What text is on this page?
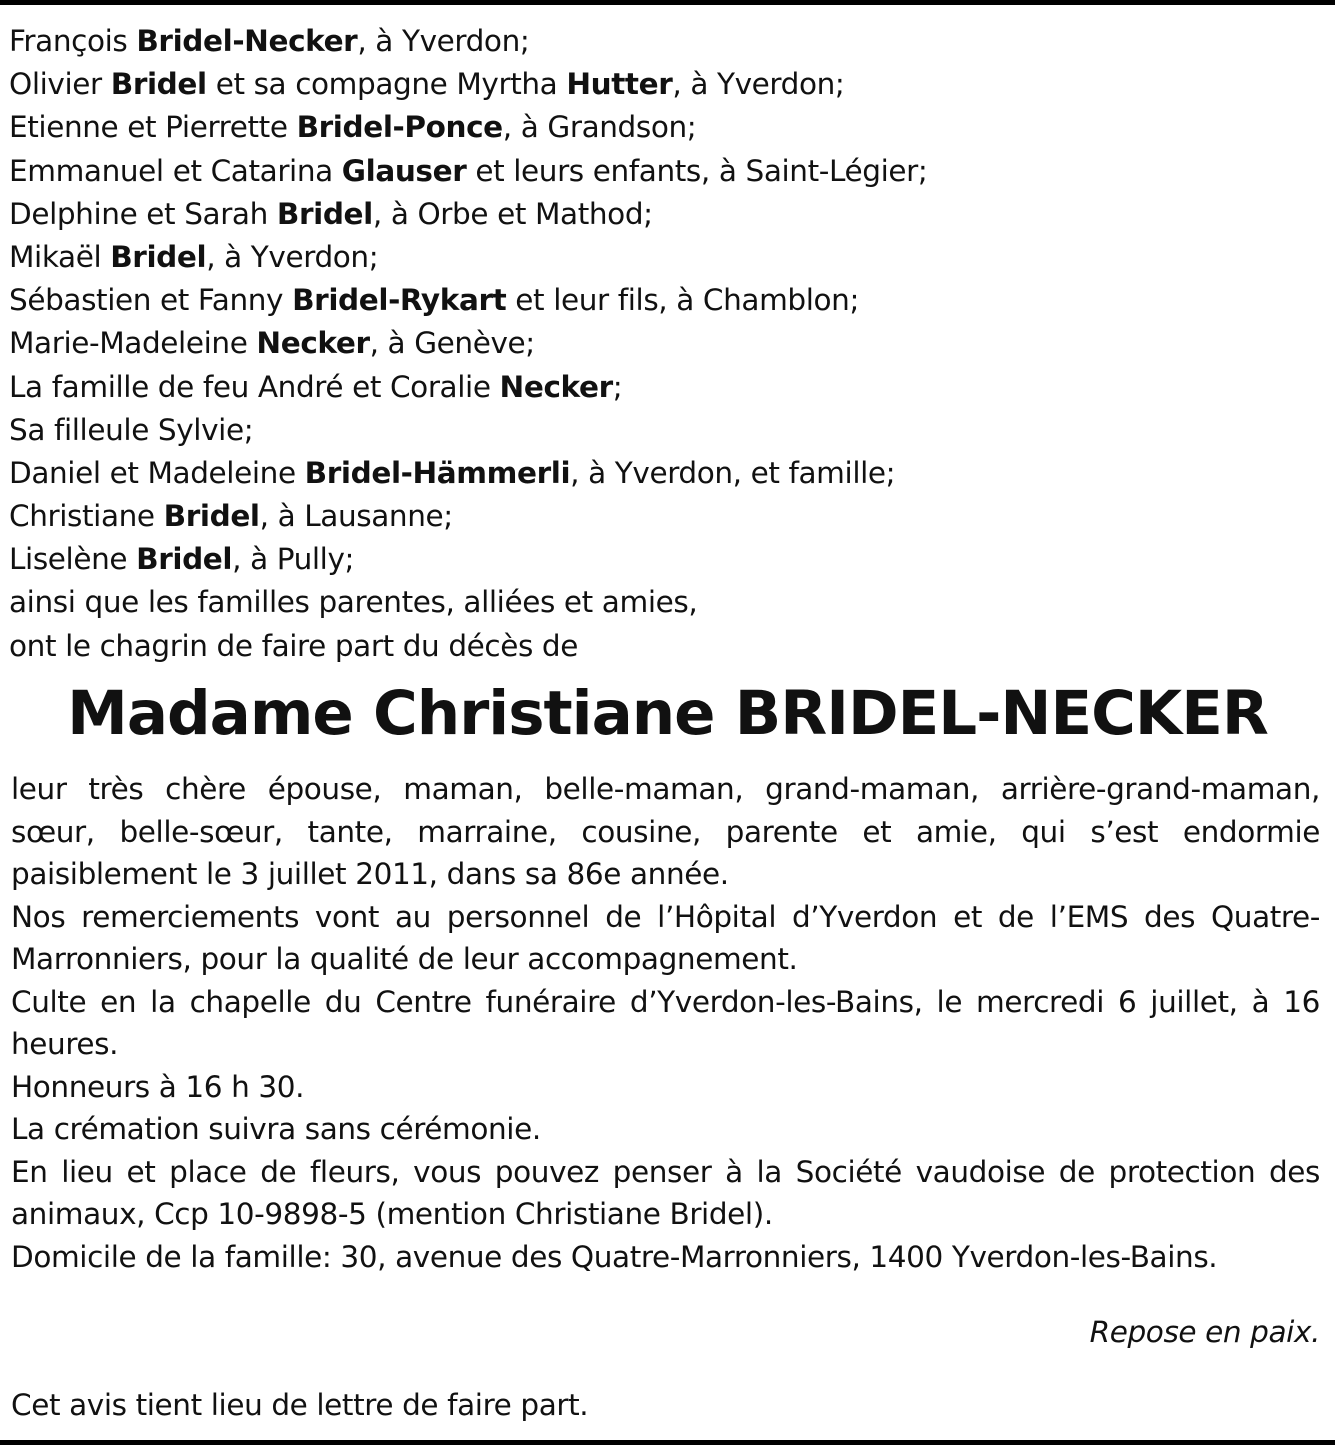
François Bridel-Necker, à Yverdon;
Olivier Bridel et sa compagne Myrtha Hutter, à Yverdon;
Etienne et Pierrette Bridel-Ponce, à Grandson;
Emmanuel et Catarina Glauser et leurs enfants, à Saint-Légier;
Delphine et Sarah Bridel, à Orbe et Mathod;
Mikaël Bridel, à Yverdon;
Sébastien et Fanny Bridel-Rykart et leur fils, à Chamblon;
Marie-Madeleine Necker, à Genève;
La famille de feu André et Coralie Necker;
Sa filleule Sylvie;
Daniel et Madeleine Bridel-Hämmerli, à Yverdon, et famille;
Christiane Bridel, à Lausanne;
Liselène Bridel, à Pully;
ainsi que les familles parentes, alliées et amies,
ont le chagrin de faire part du décès de
Madame Christiane BRIDEL-NECKER
leur très chère épouse, maman, belle-maman, grand-maman, arrière-grand-maman, sœur, belle-sœur, tante, marraine, cousine, parente et amie, qui s’est endormie paisiblement le 3 juillet 2011, dans sa 86e année.
Nos remerciements vont au personnel de l’Hôpital d’Yverdon et de l’EMS des Quatre-Marronniers, pour la qualité de leur accompagnement.
Culte en la chapelle du Centre funéraire d’Yverdon-les-Bains, le mercredi 6 juillet, à 16 heures.
Honneurs à 16 h 30.
La crémation suivra sans cérémonie.
En lieu et place de fleurs, vous pouvez penser à la Société vaudoise de protection des animaux, Ccp 10-9898-5 (mention Christiane Bridel).
Domicile de la famille: 30, avenue des Quatre-Marronniers, 1400 Yverdon-les-Bains.
Repose en paix.
Cet avis tient lieu de lettre de faire part.
